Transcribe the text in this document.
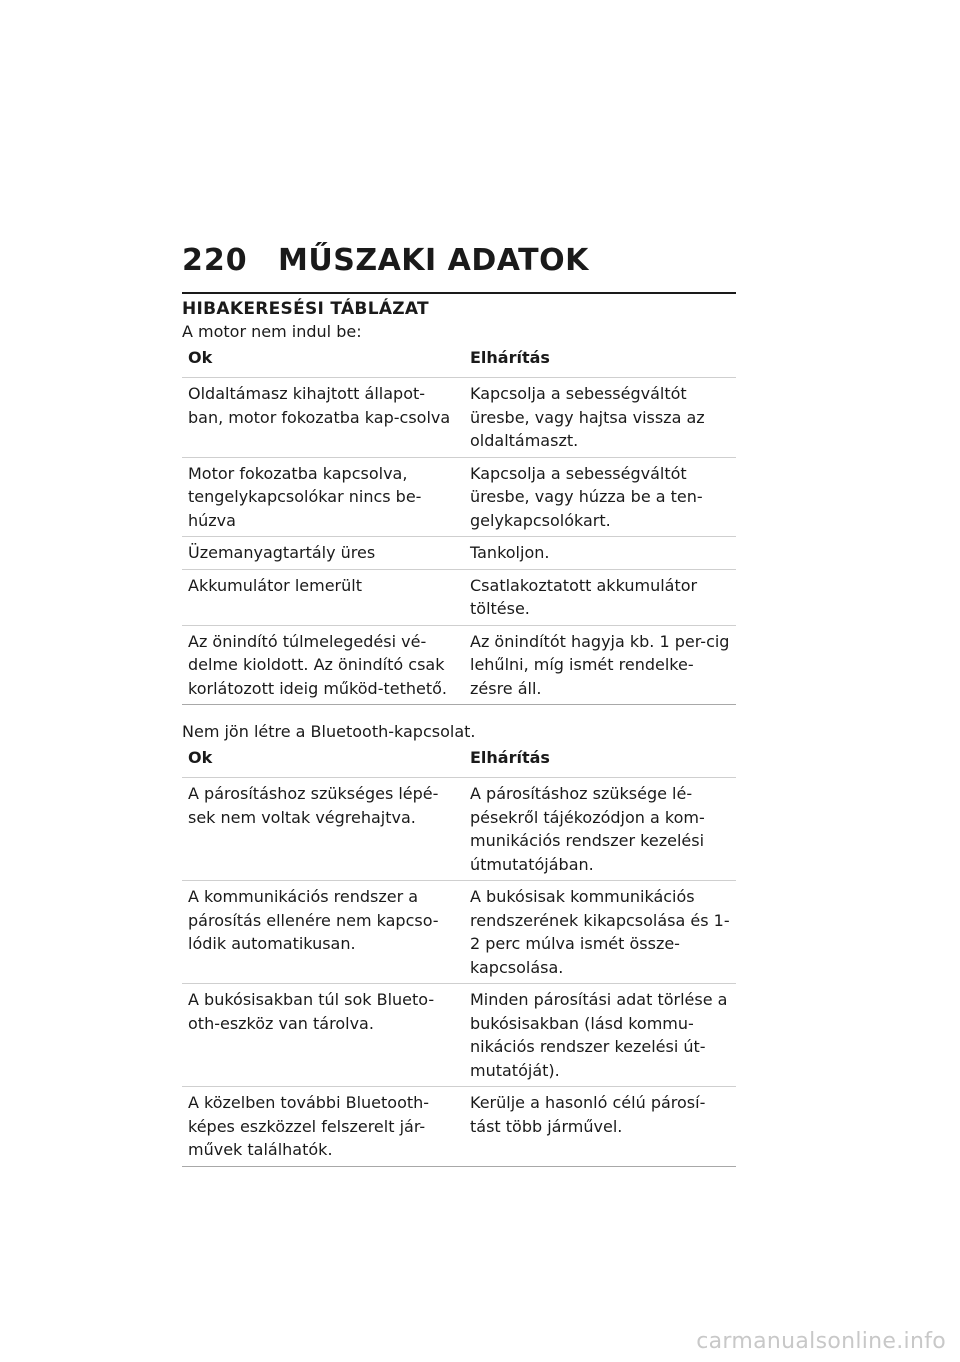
220	MŰSZAKI ADATOK
HIBAKERESÉSI TÁBLÁZAT

A motor nem indul be:

Ok	Elhárítás
Oldaltámasz kihajtott állapot-ban, motor fokozatba kap-csolva	Kapcsolja a sebességváltót üresbe, vagy hajtsa vissza az oldaltámaszt.
Motor fokozatba kapcsolva, tengelykapcsolókar nincs be-húzva	Kapcsolja a sebességváltót üresbe, vagy húzza be a ten-gelykapcsolókart.
Üzemanyagtartály üres	Tankoljon.
Akkumulátor lemerült	Csatlakoztatott akkumulátor töltése.
Az önindító túlmelegedési vé-delme kioldott. Az önindító csak korlátozott ideig működ-tethető.	Az önindítót hagyja kb. 1 per-cig lehűlni, míg ismét rendelke-zésre áll.

Nem jön létre a Bluetooth-kapcsolat.

Ok	Elhárítás
A párosításhoz szükséges lépé-sek nem voltak végrehajtva.	A párosításhoz szüksége lé-pésekről tájékozódjon a kom-munikációs rendszer kezelési útmutatójában.
A kommunikációs rendszer a párosítás ellenére nem kapcso-lódik automatikusan.	A bukósisak kommunikációs rendszerének kikapcsolása és 1-2 perc múlva ismét össze-kapcsolása.
A bukósisakban túl sok Blueto-oth-eszköz van tárolva.	Minden párosítási adat törlése a bukósisakban (lásd kommu-nikációs rendszer kezelési út-mutatóját).
A közelben további Bluetooth-képes eszközzel felszerelt jár-művek találhatók.	Kerülje a hasonló célú párosí-tást több járművel.
carmanualsonline.info
